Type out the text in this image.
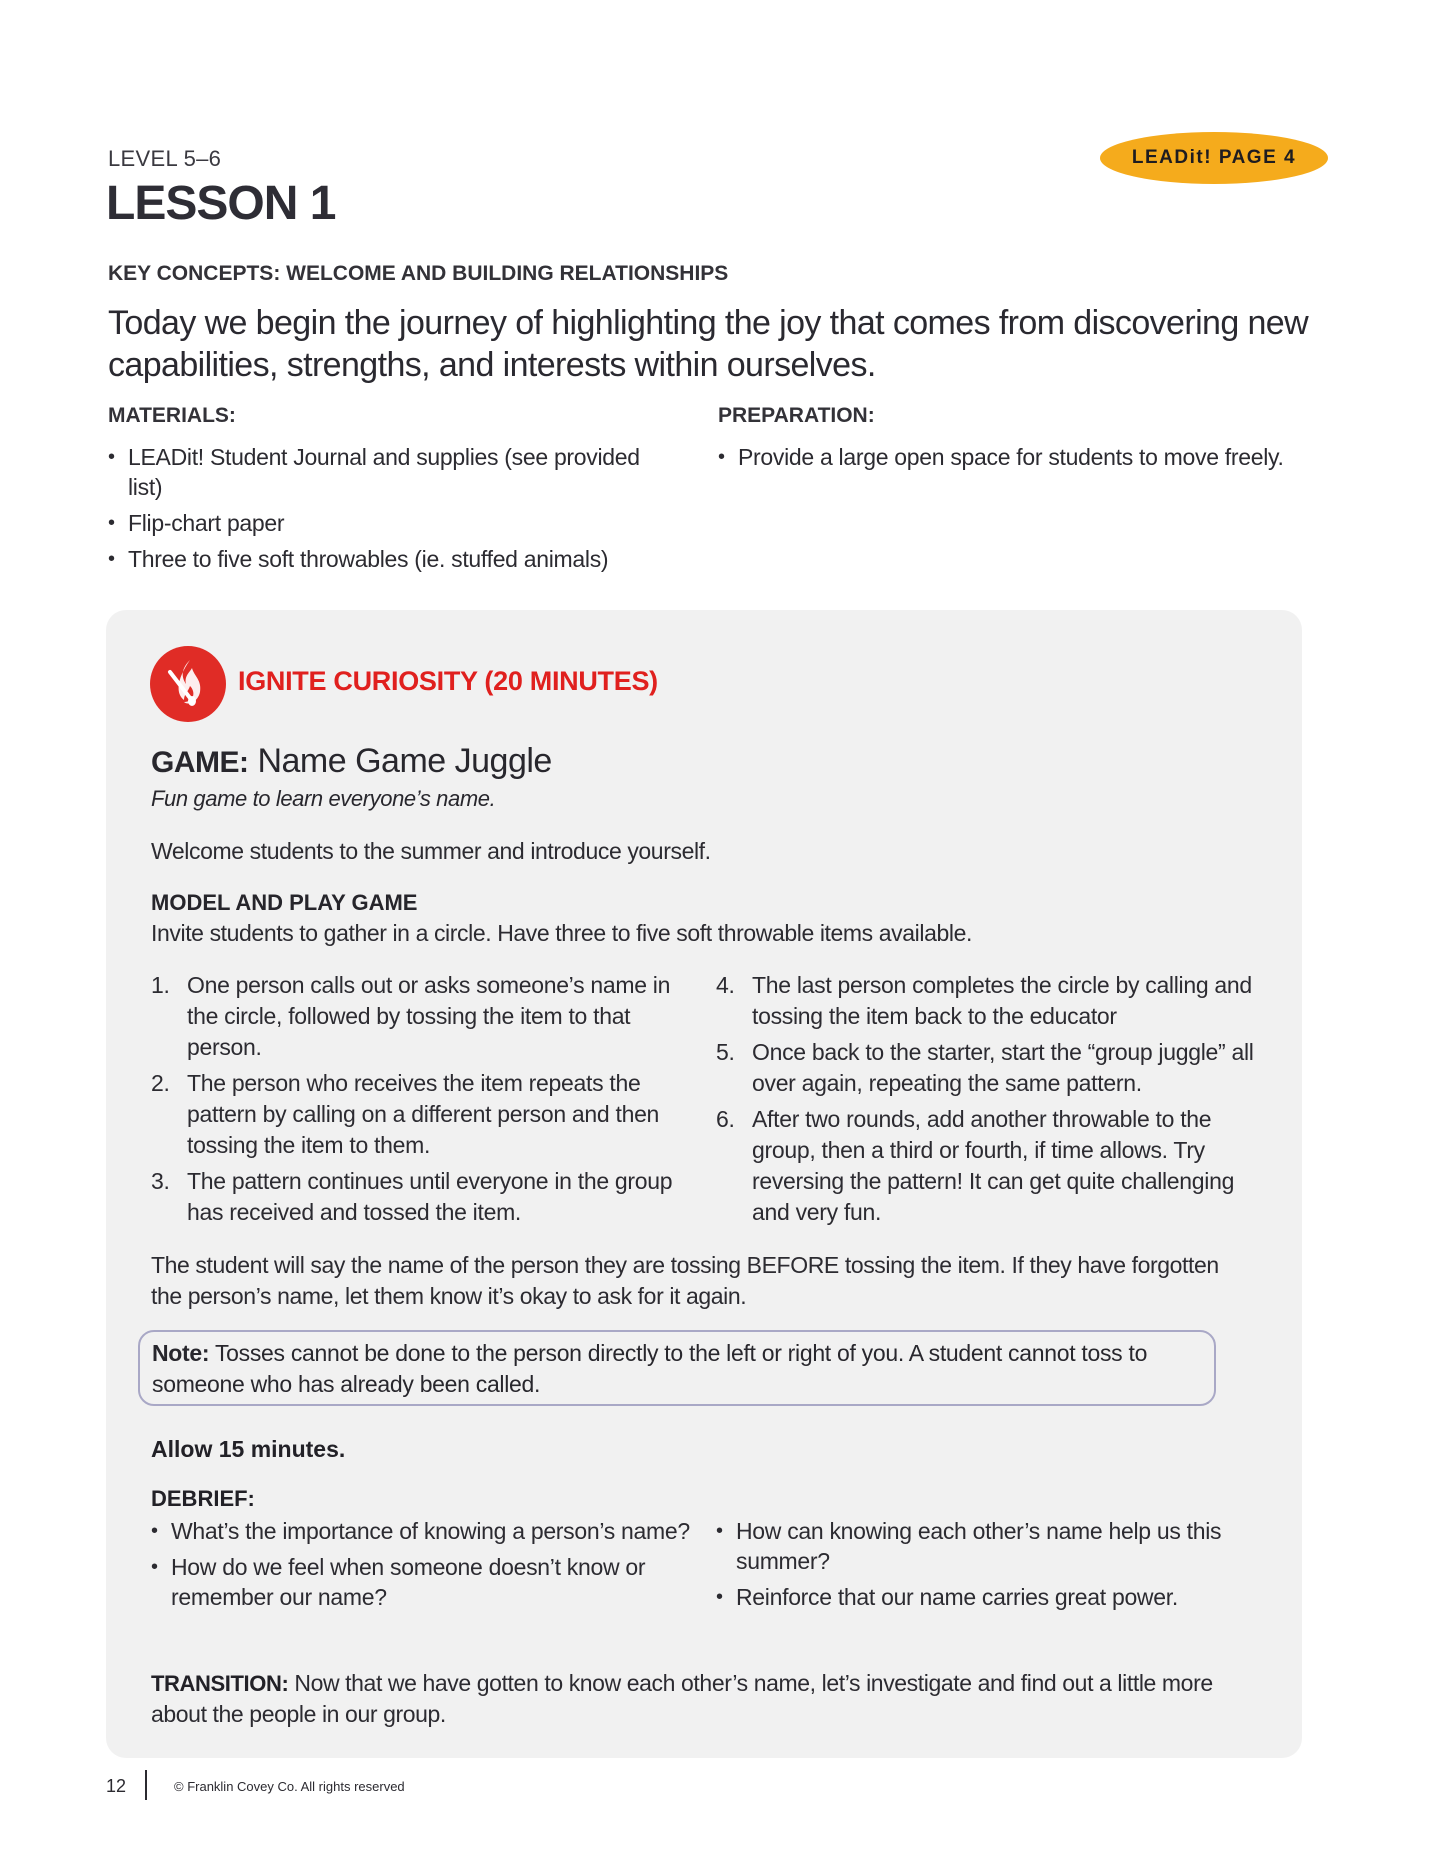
LEVEL 5–6
LESSON 1
LEADit! PAGE 4
KEY CONCEPTS: WELCOME AND BUILDING RELATIONSHIPS
Today we begin the journey of highlighting the joy that comes from discovering new capabilities, strengths, and interests within ourselves.
MATERIALS:
• LEADit! Student Journal and supplies (see provided list)
• Flip-chart paper
• Three to five soft throwables (ie. stuffed animals)
PREPARATION:
• Provide a large open space for students to move freely.
IGNITE CURIOSITY (20 MINUTES)
GAME: Name Game Juggle
Fun game to learn everyone’s name.
Welcome students to the summer and introduce yourself.
MODEL AND PLAY GAME
Invite students to gather in a circle. Have three to five soft throwable items available.
1. One person calls out or asks someone’s name in the circle, followed by tossing the item to that person.
2. The person who receives the item repeats the pattern by calling on a different person and then tossing the item to them.
3. The pattern continues until everyone in the group has received and tossed the item.
4. The last person completes the circle by calling and tossing the item back to the educator
5. Once back to the starter, start the “group juggle” all over again, repeating the same pattern.
6. After two rounds, add another throwable to the group, then a third or fourth, if time allows. Try reversing the pattern! It can get quite challenging and very fun.
The student will say the name of the person they are tossing BEFORE tossing the item. If they have forgotten the person’s name, let them know it’s okay to ask for it again.
Note: Tosses cannot be done to the person directly to the left or right of you. A student cannot toss to someone who has already been called.
Allow 15 minutes.
DEBRIEF:
• What’s the importance of knowing a person’s name?
• How do we feel when someone doesn’t know or remember our name?
• How can knowing each other’s name help us this summer?
• Reinforce that our name carries great power.
TRANSITION: Now that we have gotten to know each other’s name, let’s investigate and find out a little more about the people in our group.
12	© Franklin Covey Co. All rights reserved
